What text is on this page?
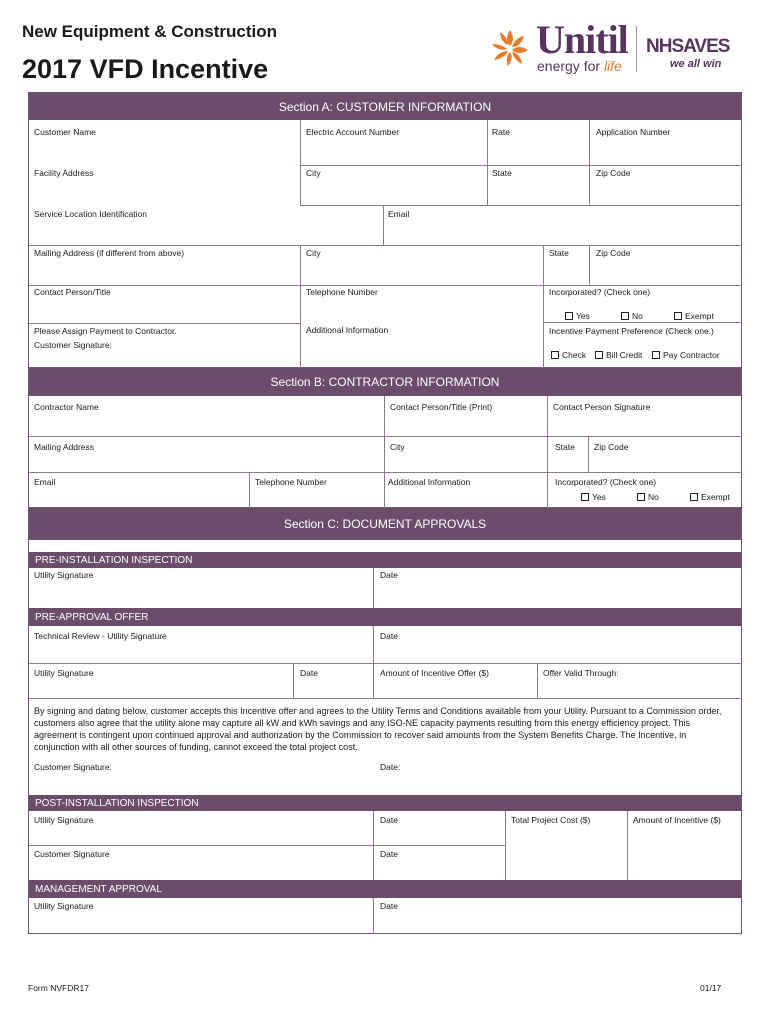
New Equipment & Construction
2017 VFD Incentive
Unitil
energy for life
NHSAVES
we all win
Section A: CUSTOMER INFORMATION
Customer Name	Electric Account Number	Rate	Application Number
Facility Address	City	State	Zip Code
Service Location Identification	Email
Mailing Address (if different from above)	City	State	Zip Code
Contact Person/Title	Telephone Number	Incorporated? (Check one)
Yes	No	Exempt
Please Assign Payment to Contractor.
Customer Signature:
Additional Information	Incentive Payment Preference (Check one.)
Check	Bill Credit	Pay Contractor
Section B: CONTRACTOR INFORMATION
Contractor Name	Contact Person/Title (Print)	Contact Person Signature
Mailing Address	City	State Zip Code
Email	Telephone Number	Additional Information	Incorporated? (Check one)
Yes	No	Exempt
Section C: DOCUMENT APPROVALS
PRE-INSTALLATION INSPECTION
Utility Signature	Date
PRE-APPROVAL OFFER
Technical Review - Utility Signature	Date
Utility Signature	Date	Amount of Incentive Offer ($)	Offer Valid Through:
By signing and dating below, customer accepts this Incentive offer and agrees to the Utility Terms and Conditions available from your Utility. Pursuant to a Commission order, customers also agree that the utility alone may capture all kW and kWh savings and any ISO-NE capacity payments resulting from this energy efficiency project. This agreement is contingent upon continued approval and authorization by the Commission to recover said amounts from the System Benefits Charge. The Incentive, in conjunction with all other sources of funding, cannot exceed the total project cost.
Customer Signature:	Date:
POST-INSTALLATION INSPECTION
Utility Signature	Date	Total Project Cost ($)	Amount of Incentive ($)
Customer Signature	Date
MANAGEMENT APPROVAL
Utility Signature	Date
Form NVFDR17	01/17
